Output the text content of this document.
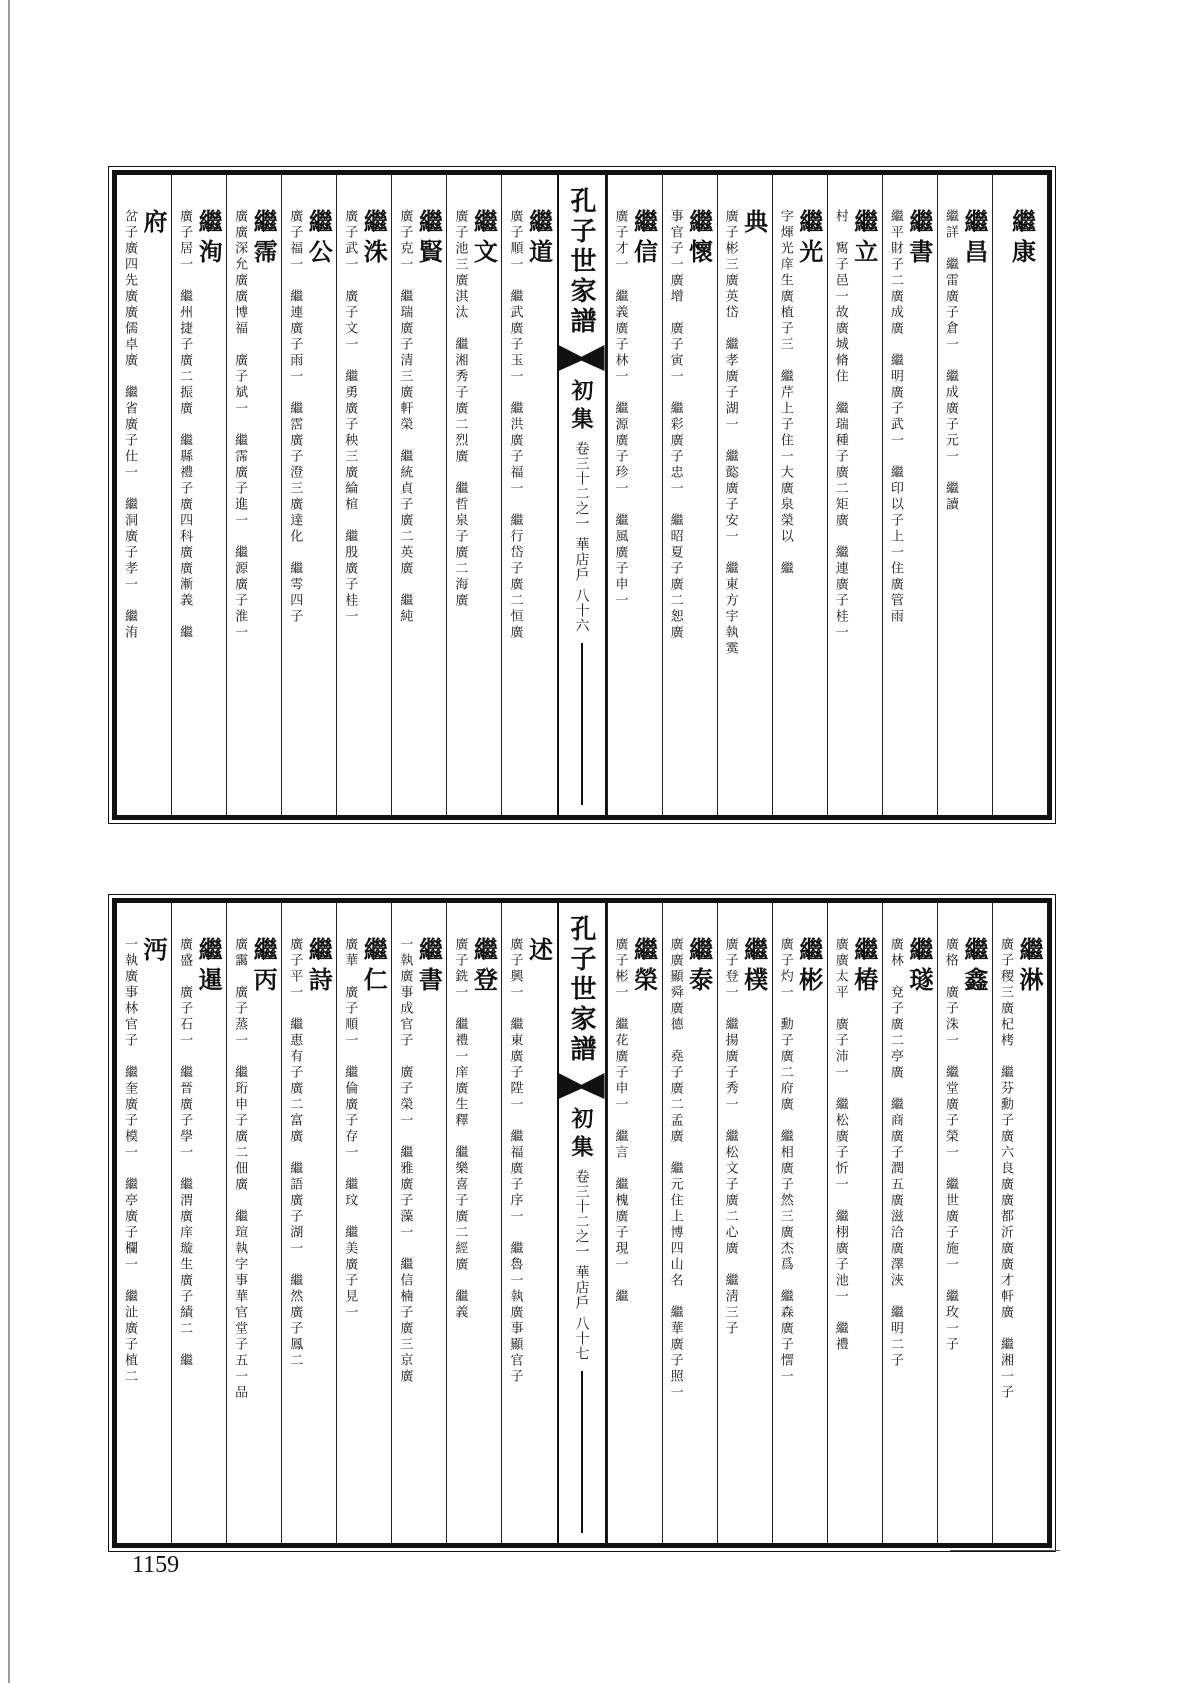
繼康
繼昌
繼詳　繼雷廣子倉一　繼成廣子元一　繼讀
繼書
繼平財子二廣成廣　繼明廣子武一　繼印以子上一住廣管雨
繼立
村　寯子邑一故廣城脩住　繼瑞種子廣二矩廣　繼連廣子桂一
繼光
字煇光庠生廣植子三　繼芹上子住一大廣泉榮以　繼
典
廣子彬三廣英岱　繼孝廣子湖一　繼㦤廣子安一　繼東方宇執霙
繼懷
事官子一廣增　廣子寅一　繼彩廣子忠一　繼昭夏子廣二恕廣
繼信
廣子才一　繼義廣子林一　繼源廣子珍一　繼風廣子申一
孔子世家譜
初集
卷三十二之一
華店戶
八十六
繼道
廣子順一　繼武廣子玉一　繼洪廣子福一　繼行岱子廣二恒廣
繼文
廣子池三廣淇汰　繼湘秀子廣二烈廣　繼哲泉子廣二海廣
繼賢
廣子克一　繼瑞廣子清三廣軒榮　繼統貞子廣二英廣　繼純
繼洙
廣子武一　廣子文一　繼勇廣子秧三廣綸楦　繼殷廣子桂一
繼公
廣子福一　繼連廣子雨一　繼霑廣子澄三廣達化　繼雩四子
繼霈
廣廣深允廣廣博福　廣子斌一　繼霈廣子進一　繼源廣子淮一
繼洵
廣子居一　繼州捷子廣二振廣　繼縣禮子廣四科廣廣漸義　繼
府
岔子廣四先廣廣儒卓廣　繼省廣子仕一　繼洞廣子孝一　繼洧
繼淋
廣子稷三廣杞栲　繼芬勳子廣六良廣廣都沂廣廣才軒廣　繼湘一子
繼鑫
廣格　廣子洙一　繼堂廣子榮一　繼世廣子施一　繼玫一子
繼璲
廣林　兗子廣二亭廣　繼商廣子潤五廣滋洽廣澤浹　繼明二子
繼椿
廣廣太平　廣子沛一　繼松廣子忻一　繼栩廣子池一　繼禮
繼彬
廣子灼一　勳子廣二府廣　繼相廣子然三廣杰爲　繼森廣子㦒一
繼樸
廣子登一　繼揚廣子秀一　繼松文子廣二心廣　繼淸三子
繼泰
廣廣顯舜廣德　堯子廣二孟廣　繼元住上博四山名　繼華廣子照一
繼榮
廣子彬一　繼花廣子申一　繼言　繼槐廣子現一　繼
孔子世家譜
初集
卷三十二之一
華店戶
八十七
述
廣子興一　繼東廣子陞一　繼福廣子序一　繼魯一執廣事顯官子
繼登
廣子銑一　繼禮一庠廣生釋　繼樂喜子廣二經廣　繼義
繼書
一執廣事成官子　廣子榮一　繼雅廣子藻一　繼信楠子廣三京廣
繼仁
廣華　廣子順一　繼倫廣子存一　繼玟　繼美廣子見一
繼詩
廣子平一　繼惠有子廣二富廣　繼語廣子湖一　繼然廣子鳳二
繼丙
廣靄　廣子蒸一　繼珩申子廣二佃廣　繼瑄執字事華官堂子五一品
繼暹
廣盛　廣子石一　繼晉廣子學一　繼渭廣庠璇生廣子績二　繼
沔
一執廣事林官子　繼奎廣子模一　繼亭廣子欄一　繼沚廣子植二
1159
